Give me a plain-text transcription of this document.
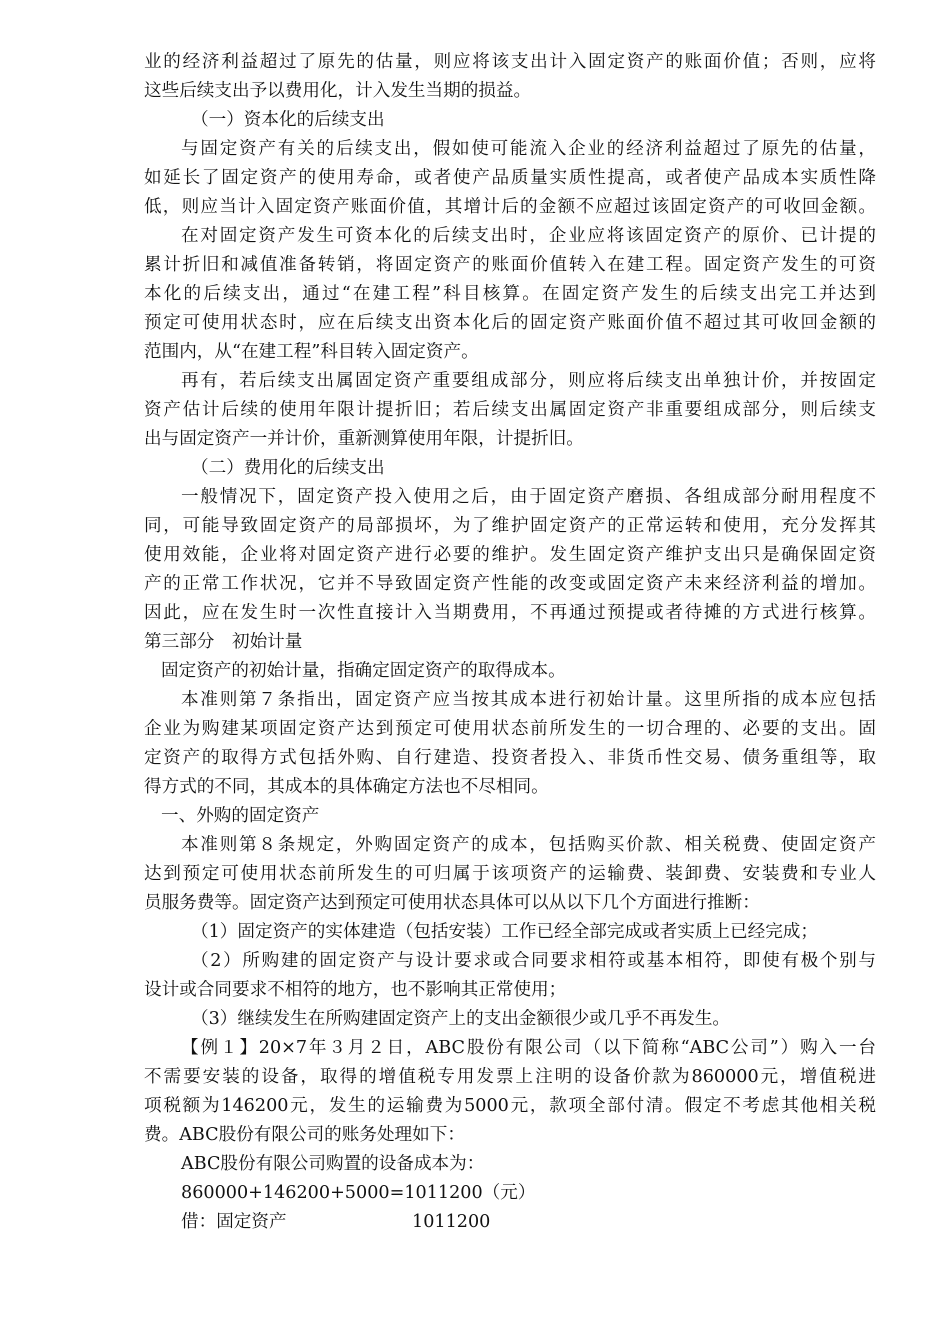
业的经济利益超过了原先的估量，则应将该支出计入固定资产的账面价值；否则，应将
这些后续支出予以费用化，计入发生当期的损益。
（一）资本化的后续支出
与固定资产有关的后续支出，假如使可能流入企业的经济利益超过了原先的估量，
如延长了固定资产的使用寿命，或者使产品质量实质性提高，或者使产品成本实质性降
低，则应当计入固定资产账面价值，其增计后的金额不应超过该固定资产的可收回金额。
在对固定资产发生可资本化的后续支出时，企业应将该固定资产的原价、已计提的
累计折旧和减值准备转销，将固定资产的账面价值转入在建工程。固定资产发生的可资
本化的后续支出，通过“在建工程”科目核算。在固定资产发生的后续支出完工并达到
预定可使用状态时，应在后续支出资本化后的固定资产账面价值不超过其可收回金额的
范围内，从“在建工程”科目转入固定资产。
再有，若后续支出属固定资产重要组成部分，则应将后续支出单独计价，并按固定
资产估计后续的使用年限计提折旧；若后续支出属固定资产非重要组成部分，则后续支
出与固定资产一并计价，重新测算使用年限，计提折旧。
（二）费用化的后续支出
一般情况下，固定资产投入使用之后，由于固定资产磨损、各组成部分耐用程度不
同，可能导致固定资产的局部损坏，为了维护固定资产的正常运转和使用，充分发挥其
使用效能，企业将对固定资产进行必要的维护。发生固定资产维护支出只是确保固定资
产的正常工作状况，它并不导致固定资产性能的改变或固定资产未来经济利益的增加。
因此，应在发生时一次性直接计入当期费用，不再通过预提或者待摊的方式进行核算。
第三部分　初始计量
固定资产的初始计量，指确定固定资产的取得成本。
本准则第７条指出，固定资产应当按其成本进行初始计量。这里所指的成本应包括
企业为购建某项固定资产达到预定可使用状态前所发生的一切合理的、必要的支出。固
定资产的取得方式包括外购、自行建造、投资者投入、非货币性交易、债务重组等，取
得方式的不同，其成本的具体确定方法也不尽相同。
一、外购的固定资产
本准则第８条规定，外购固定资产的成本，包括购买价款、相关税费、使固定资产
达到预定可使用状态前所发生的可归属于该项资产的运输费、装卸费、安装费和专业人
员服务费等。固定资产达到预定可使用状态具体可以从以下几个方面进行推断：
（1）固定资产的实体建造（包括安装）工作已经全部完成或者实质上已经完成；
（2）所购建的固定资产与设计要求或合同要求相符或基本相符，即使有极个别与
设计或合同要求不相符的地方，也不影响其正常使用；
（3）继续发生在所购建固定资产上的支出金额很少或几乎不再发生。
【例１】20×7年３月２日，ABC股份有限公司（以下简称“ABC公司”）购入一台
不需要安装的设备，取得的增值税专用发票上注明的设备价款为860000元，增值税进
项税额为146200元，发生的运输费为5000元，款项全部付清。假定不考虑其他相关税
费。ABC股份有限公司的账务处理如下：
ABC股份有限公司购置的设备成本为：
860000+146200+5000=1011200（元）
借：固定资产	1011200
